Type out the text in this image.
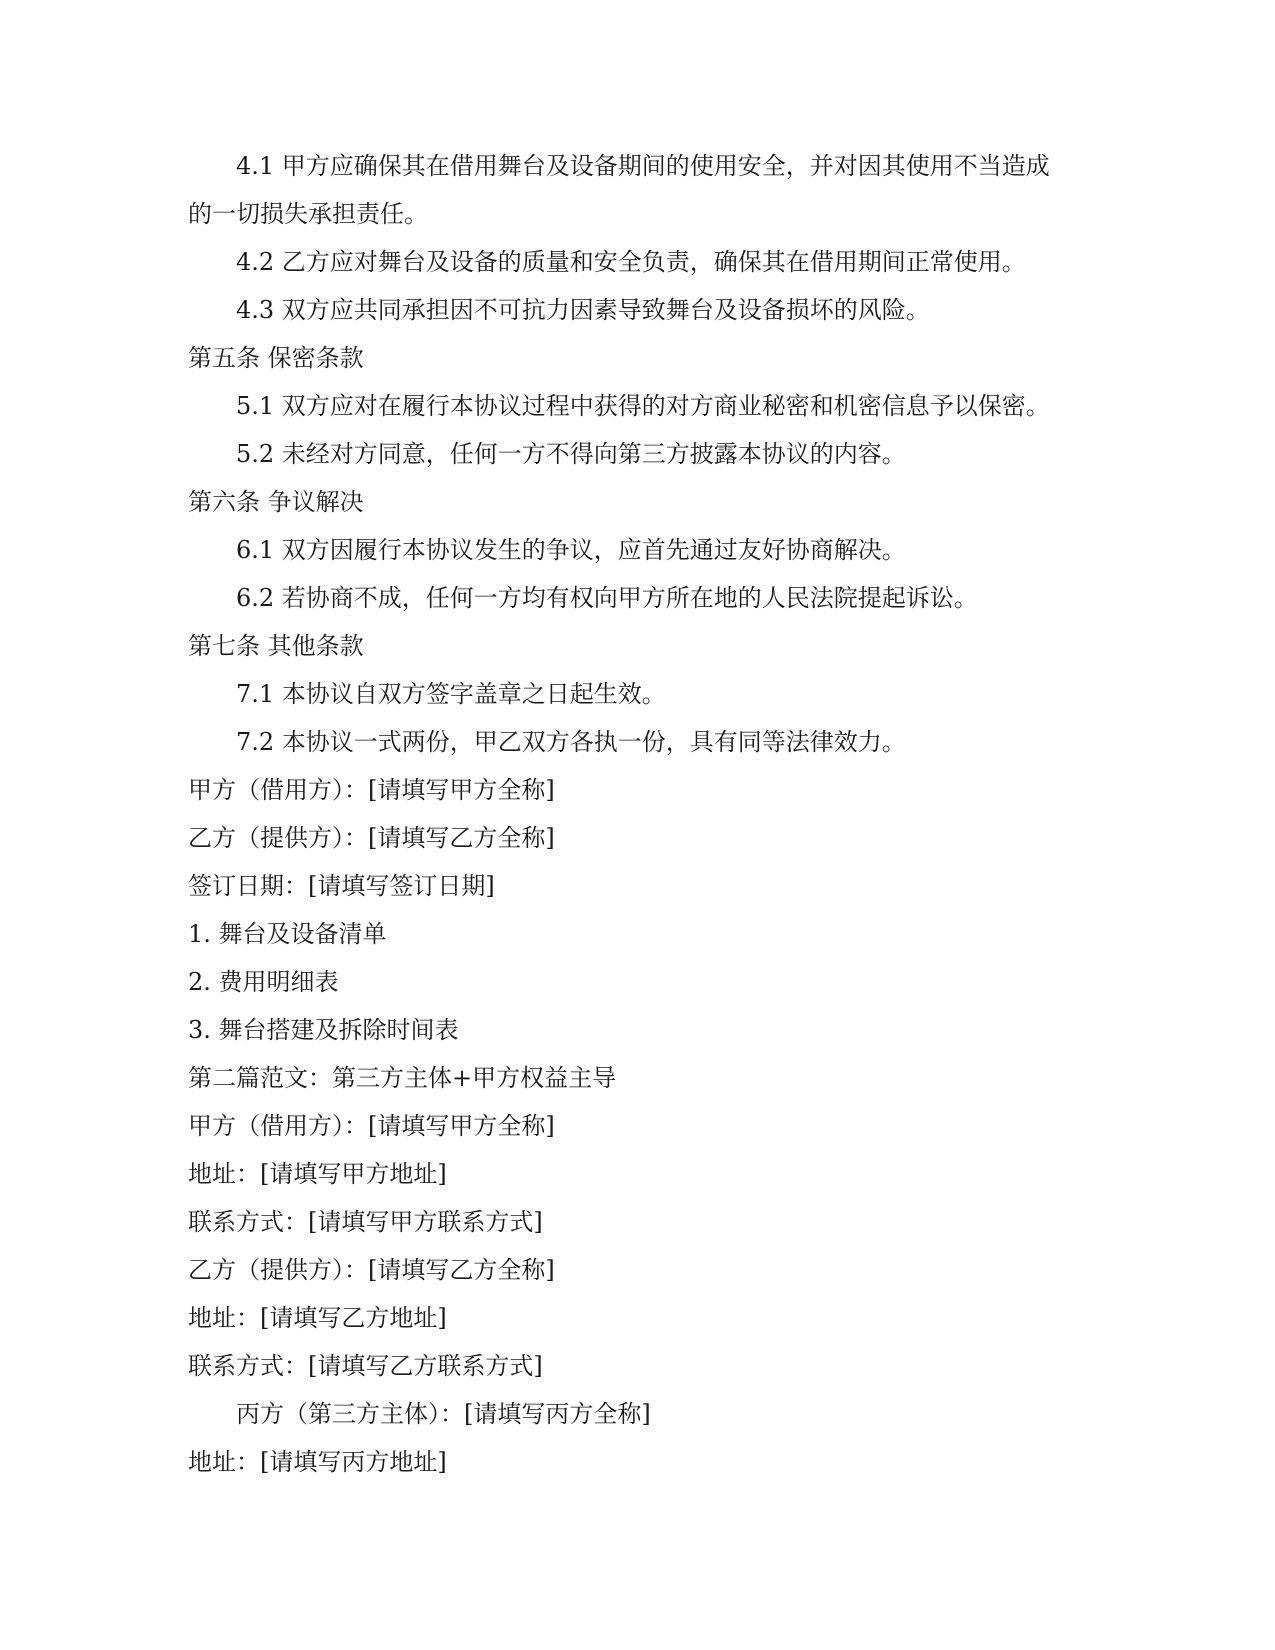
4.1 甲方应确保其在借用舞台及设备期间的使用安全，并对因其使用不当造成
的一切损失承担责任。
4.2 乙方应对舞台及设备的质量和安全负责，确保其在借用期间正常使用。
4.3 双方应共同承担因不可抗力因素导致舞台及设备损坏的风险。
第五条 保密条款
5.1 双方应对在履行本协议过程中获得的对方商业秘密和机密信息予以保密。
5.2 未经对方同意，任何一方不得向第三方披露本协议的内容。
第六条 争议解决
6.1 双方因履行本协议发生的争议，应首先通过友好协商解决。
6.2 若协商不成，任何一方均有权向甲方所在地的人民法院提起诉讼。
第七条 其他条款
7.1 本协议自双方签字盖章之日起生效。
7.2 本协议一式两份，甲乙双方各执一份，具有同等法律效力。
甲方（借用方）：[请填写甲方全称]
乙方（提供方）：[请填写乙方全称]
签订日期：[请填写签订日期]
1. 舞台及设备清单
2. 费用明细表
3. 舞台搭建及拆除时间表
第二篇范文：第三方主体+甲方权益主导
甲方（借用方）：[请填写甲方全称]
地址：[请填写甲方地址]
联系方式：[请填写甲方联系方式]
乙方（提供方）：[请填写乙方全称]
地址：[请填写乙方地址]
联系方式：[请填写乙方联系方式]
丙方（第三方主体）：[请填写丙方全称]
地址：[请填写丙方地址]
